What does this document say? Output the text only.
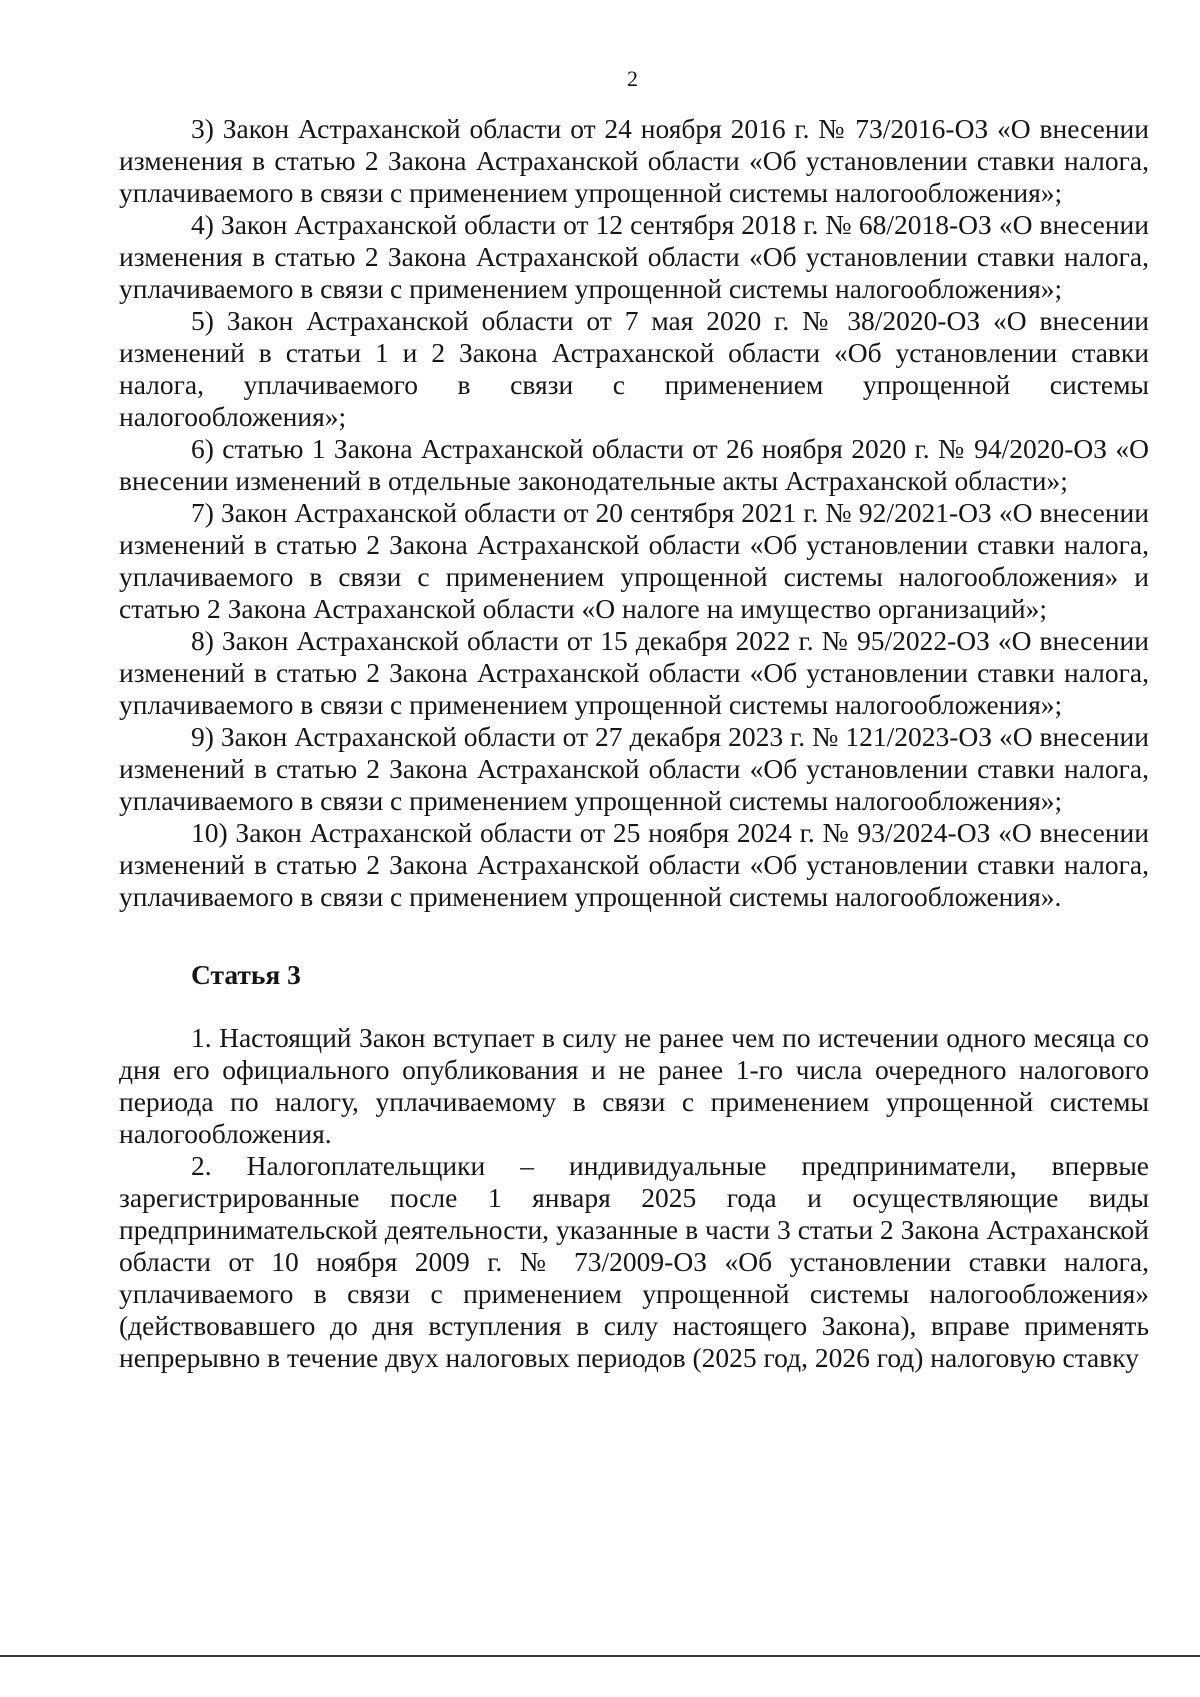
2

3) Закон Астраханской области от 24 ноября 2016 г. № 73/2016-ОЗ «О внесении изменения в статью 2 Закона Астраханской области «Об установлении ставки налога, уплачиваемого в связи с применением упрощенной системы налогообложения»;

4) Закон Астраханской области от 12 сентября 2018 г. № 68/2018-ОЗ «О внесении изменения в статью 2 Закона Астраханской области «Об установлении ставки налога, уплачиваемого в связи с применением упрощенной системы налогообложения»;

5) Закон Астраханской области от 7 мая 2020 г. № 38/2020-ОЗ «О внесении изменений в статьи 1 и 2 Закона Астраханской области «Об установлении ставки налога, уплачиваемого в связи с применением упрощенной системы налогообложения»;

6) статью 1 Закона Астраханской области от 26 ноября 2020 г. № 94/2020-ОЗ «О внесении изменений в отдельные законодательные акты Астраханской области»;

7) Закон Астраханской области от 20 сентября 2021 г. № 92/2021-ОЗ «О внесении изменений в статью 2 Закона Астраханской области «Об установлении ставки налога, уплачиваемого в связи с применением упрощенной системы налогообложения» и статью 2 Закона Астраханской области «О налоге на имущество организаций»;

8) Закон Астраханской области от 15 декабря 2022 г. № 95/2022-ОЗ «О внесении изменений в статью 2 Закона Астраханской области «Об установлении ставки налога, уплачиваемого в связи с применением упрощенной системы налогообложения»;

9) Закон Астраханской области от 27 декабря 2023 г. № 121/2023-ОЗ «О внесении изменений в статью 2 Закона Астраханской области «Об установлении ставки налога, уплачиваемого в связи с применением упрощенной системы налогообложения»;

10) Закон Астраханской области от 25 ноября 2024 г. № 93/2024-ОЗ «О внесении изменений в статью 2 Закона Астраханской области «Об установлении ставки налога, уплачиваемого в связи с применением упрощенной системы налогообложения».

Статья 3

1. Настоящий Закон вступает в силу не ранее чем по истечении одного месяца со дня его официального опубликования и не ранее 1-го числа очередного налогового периода по налогу, уплачиваемому в связи с применением упрощенной системы налогообложения.

2. Налогоплательщики – индивидуальные предприниматели, впервые зарегистрированные после 1 января 2025 года и осуществляющие виды предпринимательской деятельности, указанные в части 3 статьи 2 Закона Астраханской области от 10 ноября 2009 г. № 73/2009-ОЗ «Об установлении ставки налога, уплачиваемого в связи с применением упрощенной системы налогообложения» (действовавшего до дня вступления в силу настоящего Закона), вправе применять непрерывно в течение двух налоговых периодов (2025 год, 2026 год) налоговую ставку
